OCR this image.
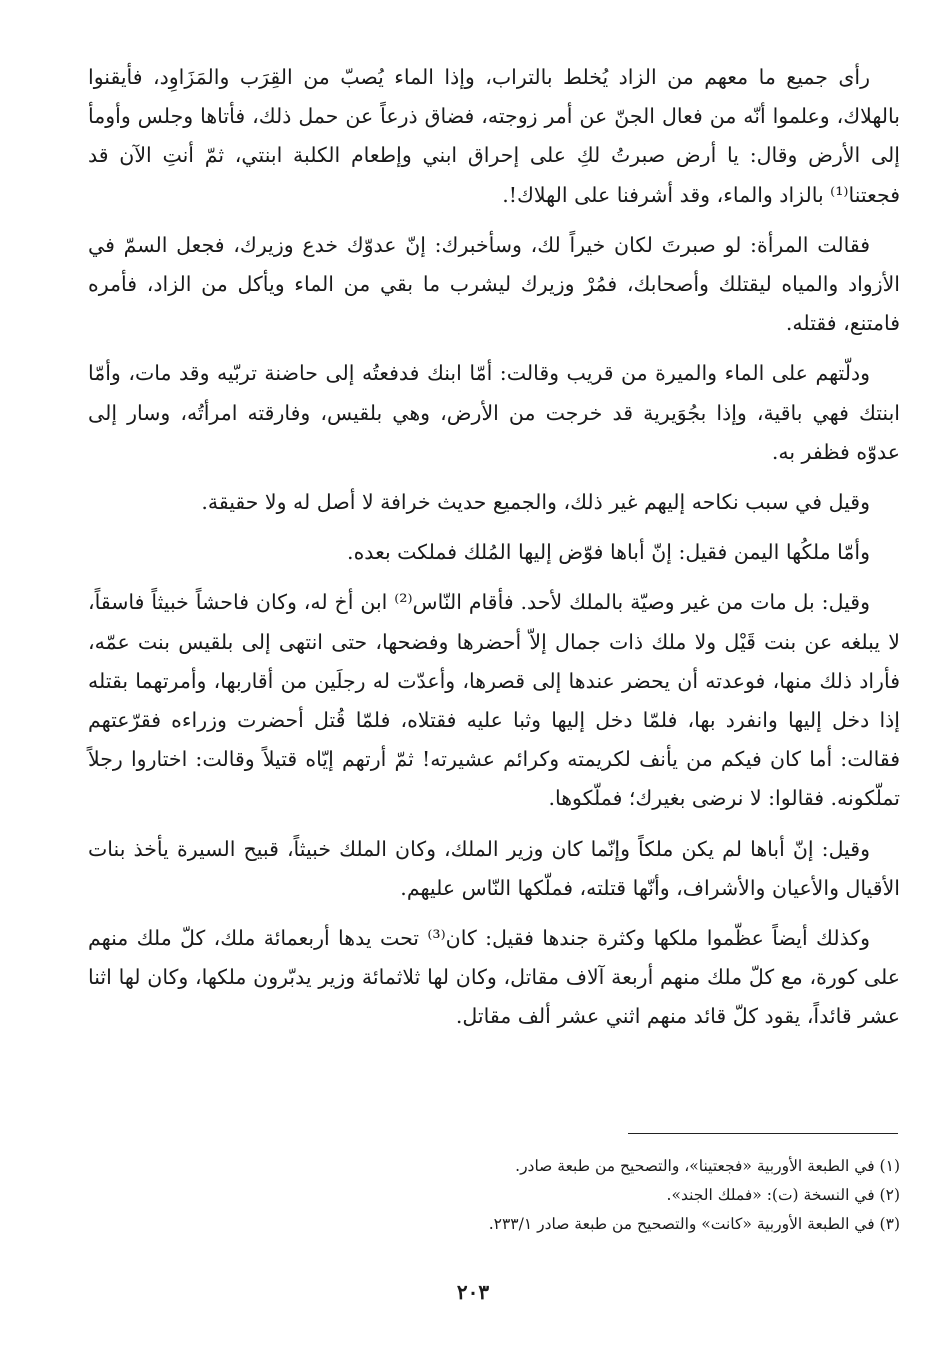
رأى جميع ما معهم من الزاد يُخلط بالتراب، وإذا الماء يُصبّ من القِرَب والمَزَاوِد، فأيقنوا بالهلاك، وعلموا أنّه من فعال الجنّ عن أمر زوجته، فضاق ذرعاً عن حمل ذلك، فأتاها وجلس وأومأ إلى الأرض وقال: يا أرض صبرتُ لكِ على إحراق ابني وإطعام الكلبة ابنتي، ثمّ أنتِ الآن قد فجعتنا⁽¹⁾ بالزاد والماء، وقد أشرفنا على الهلاك!.

فقالت المرأة: لو صبرتَ لكان خيراً لك، وسأخبرك: إنّ عدوّك خدع وزيرك، فجعل السمّ في الأزواد والمياه ليقتلك وأصحابك، فمُرْ وزيرك ليشرب ما بقي من الماء ويأكل من الزاد، فأمره فامتنع، فقتله.

ودلّتهم على الماء والميرة من قريب وقالت: أمّا ابنك فدفعتُه إلى حاضنة تربّيه وقد مات، وأمّا ابنتك فهي باقية، وإذا بجُوَيرية قد خرجت من الأرض، وهي بلقيس، وفارقته امرأتُه، وسار إلى عدوّه فظفر به.

وقيل في سبب نكاحه إليهم غير ذلك، والجميع حديث خرافة لا أصل له ولا حقيقة.

وأمّا ملكُها اليمن فقيل: إنّ أباها فوّض إليها المُلك فملكت بعده.

وقيل: بل مات من غير وصيّة بالملك لأحد. فأقام النّاس⁽²⁾ ابن أخ له، وكان فاحشاً خبيثاً فاسقاً، لا يبلغه عن بنت قَيْل ولا ملك ذات جمال إلاّ أحضرها وفضحها، حتى انتهى إلى بلقيس بنت عمّه، فأراد ذلك منها، فوعدته أن يحضر عندها إلى قصرها، وأعدّت له رجلَين من أقاربها، وأمرتهما بقتله إذا دخل إليها وانفرد بها، فلمّا دخل إليها وثبا عليه فقتلاه، فلمّا قُتل أحضرت وزراءه فقرّعتهم فقالت: أما كان فيكم من يأنف لكريمته وكرائم عشيرته! ثمّ أرتهم إيّاه قتيلاً وقالت: اختاروا رجلاً تملّكونه. فقالوا: لا نرضى بغيرك؛ فملّكوها.

وقيل: إنّ أباها لم يكن ملكاً وإنّما كان وزير الملك، وكان الملك خبيثاً، قبيح السيرة يأخذ بنات الأقيال والأعيان والأشراف، وأنّها قتلته، فملّكها النّاس عليهم.

وكذلك أيضاً عظّموا ملكها وكثرة جندها فقيل: كان⁽³⁾ تحت يدها أربعمائة ملك، كلّ ملك منهم على كورة، مع كلّ ملك منهم أربعة آلاف مقاتل، وكان لها ثلاثمائة وزير يدبّرون ملكها، وكان لها اثنا عشر قائداً، يقود كلّ قائد منهم اثني عشر ألف مقاتل.

(١) في الطبعة الأوربية «فجعتينا»، والتصحيح من طبعة صادر.

(٢) في النسخة (ت): «فملك الجند».

(٣) في الطبعة الأوربية «كانت» والتصحيح من طبعة صادر ٢٣٣/١.

٢٠٣
